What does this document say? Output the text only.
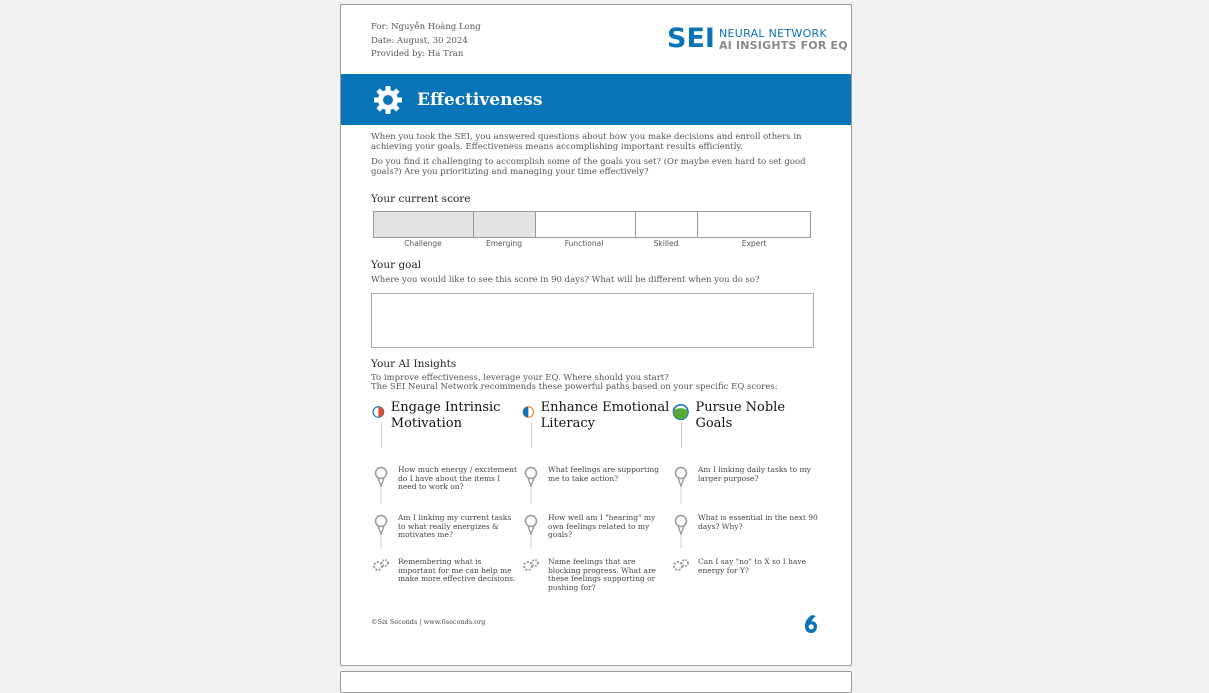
For: Nguyễn Hoàng Long
Date: August, 30 2024
Provided by: Ha Tran	SEI NEURAL NETWORK
AI INSIGHTS FOR EQ
Effectiveness
When you took the SEI, you answered questions about how you make decisions and enroll others in achieving your goals. Effectiveness means accomplishing important results efficiently.
Do you find it challenging to accomplish some of the goals you set? (Or maybe even hard to set good goals?) Are you prioritizing and managing your time effectively?
Your current score
Challenge	Emerging	Functional	Skilled	Expert
Your goal
Where you would like to see this score in 90 days? What will be different when you do so?
Your AI Insights
To improve effectiveness, leverage your EQ. Where should you start?
The SEI Neural Network recommends these powerful paths based on your specific EQ scores:
Engage Intrinsic Motivation
How much energy / excitement do I have about the items I need to work on?
Am I linking my current tasks to what really energizes & motivates me?
Remembering what is important for me can help me make more effective decisions.
Enhance Emotional Literacy
What feelings are supporting me to take action?
How well am I "hearing" my own feelings related to my goals?
Name feelings that are blocking progress. What are these feelings supporting or pushing for?
Pursue Noble Goals
Am I linking daily tasks to my larger purpose?
What is essential in the next 90 days? Why?
Can I say "no" to X so I have energy for Y?
©Six Seconds | www.6seconds.org
